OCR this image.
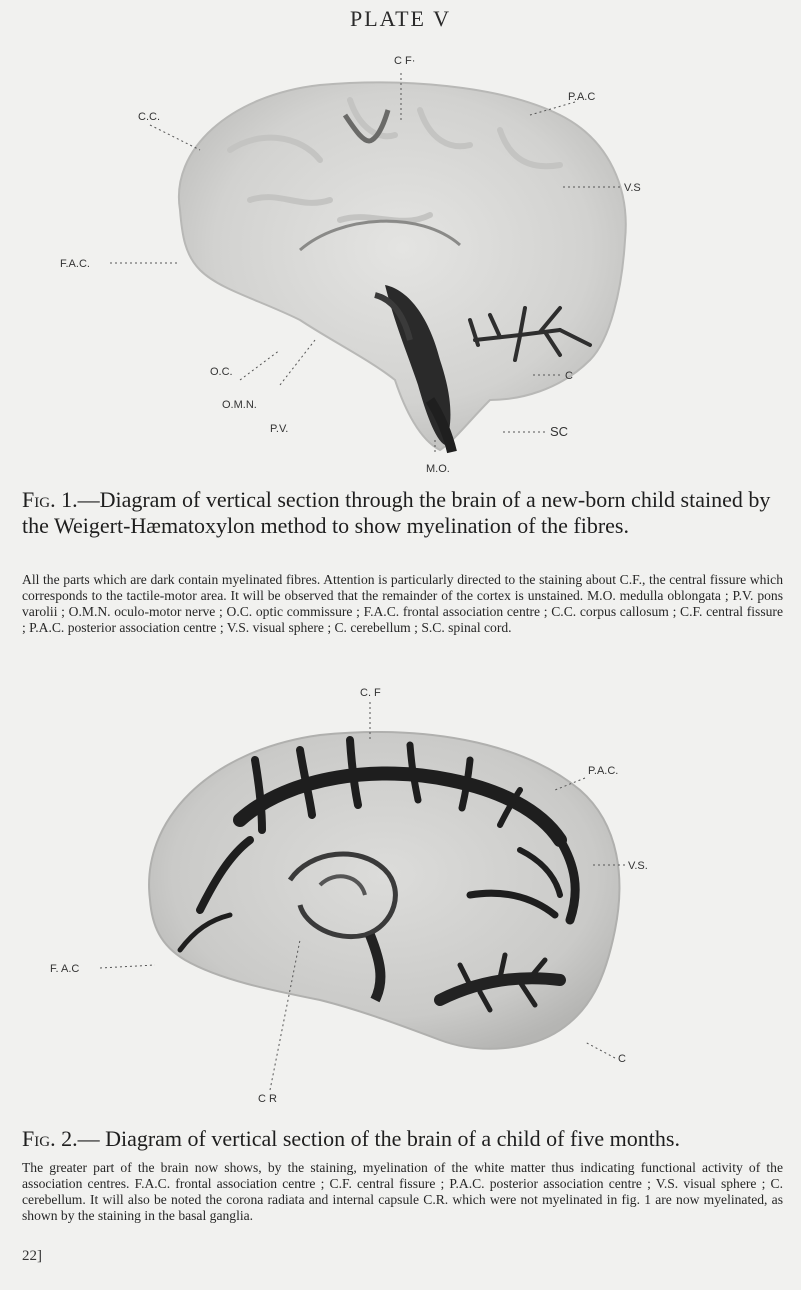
PLATE V
C F·
P.A.C
C.C.
V.S
F.A.C.
O.C.
O.M.N.
P.V.
C
SC
M.O.
Fig. 1.—Diagram of vertical section through the brain of a new-born child stained by the Weigert-Hæmatoxylon method to show myelination of the fibres.
All the parts which are dark contain myelinated fibres. Attention is particularly directed to the staining about C.F., the central fissure which corresponds to the tactile-motor area. It will be observed that the remainder of the cortex is unstained. M.O. medulla oblongata ; P.V. pons varolii ; O.M.N. oculo-motor nerve ; O.C. optic commissure ; F.A.C. frontal association centre ; C.C. corpus callosum ; C.F. central fissure ; P.A.C. posterior association centre ; V.S. visual sphere ; C. cerebellum ; S.C. spinal cord.
C. F
P.A.C.
V.S.
F. A.C
C
C R
Fig. 2.— Diagram of vertical section of the brain of a child of five months.
The greater part of the brain now shows, by the staining, myelination of the white matter thus indicating functional activity of the association centres. F.A.C. frontal association centre ; C.F. central fissure ; P.A.C. posterior association centre ; V.S. visual sphere ; C. cerebellum. It will also be noted the corona radiata and internal capsule C.R. which were not myelinated in fig. 1 are now myelinated, as shown by the staining in the basal ganglia.
22]
